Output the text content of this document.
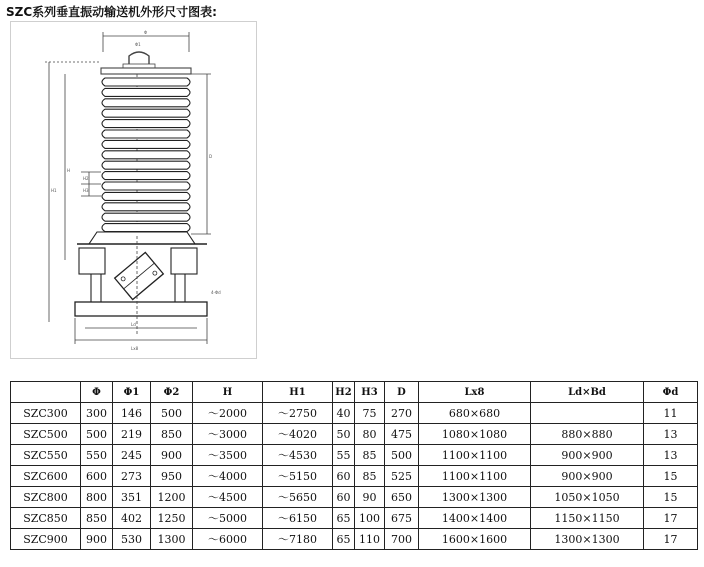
SZC系列垂直振动输送机外形尺寸图表:
Φ
Φ1
H1
H
H2
H3
D
Lx8
4-Φd
Ld
	Φ	Φ1	Φ2	H	H1	H2	H3	D	Lx8	Ld×Bd	Φd
SZC300	300	146	500	～2000	～2750	40	75	270	680×680		11
SZC500	500	219	850	～3000	～4020	50	80	475	1080×1080	880×880	13
SZC550	550	245	900	～3500	～4530	55	85	500	1100×1100	900×900	13
SZC600	600	273	950	～4000	～5150	60	85	525	1100×1100	900×900	15
SZC800	800	351	1200	～4500	～5650	60	90	650	1300×1300	1050×1050	15
SZC850	850	402	1250	～5000	～6150	65	100	675	1400×1400	1150×1150	17
SZC900	900	530	1300	～6000	～7180	65	110	700	1600×1600	1300×1300	17
